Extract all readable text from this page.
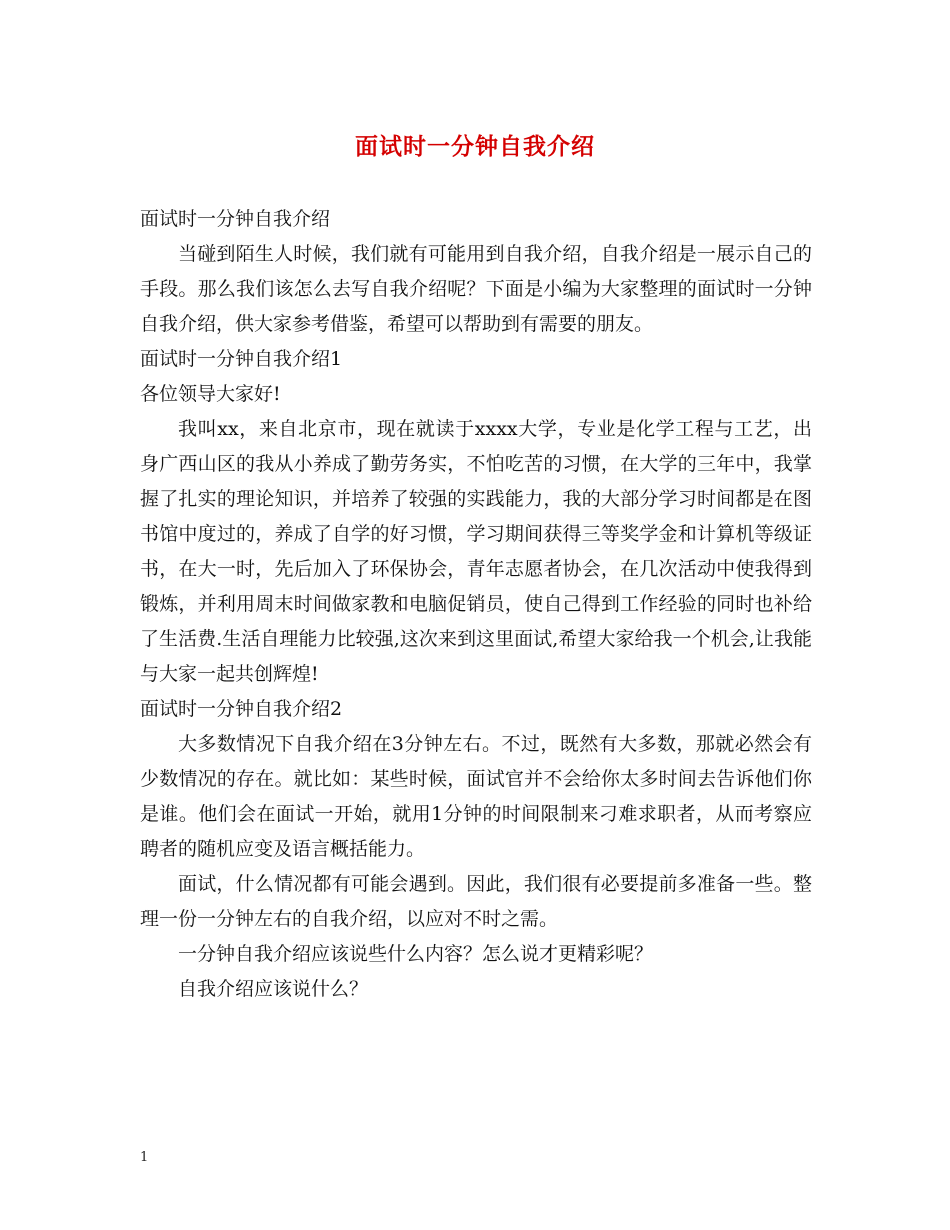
面试时一分钟自我介绍

面试时一分钟自我介绍

当碰到陌生人时候，我们就有可能用到自我介绍，自我介绍是一展示自己的手段。那么我们该怎么去写自我介绍呢？下面是小编为大家整理的面试时一分钟自我介绍，供大家参考借鉴，希望可以帮助到有需要的朋友。

面试时一分钟自我介绍1

各位领导大家好!

我叫xx，来自北京市，现在就读于xxxx大学，专业是化学工程与工艺，出身广西山区的我从小养成了勤劳务实，不怕吃苦的习惯，在大学的三年中，我掌握了扎实的理论知识，并培养了较强的实践能力，我的大部分学习时间都是在图书馆中度过的，养成了自学的好习惯，学习期间获得三等奖学金和计算机等级证书，在大一时，先后加入了环保协会，青年志愿者协会，在几次活动中使我得到锻炼，并利用周末时间做家教和电脑促销员，使自己得到工作经验的同时也补给了生活费.生活自理能力比较强,这次来到这里面试,希望大家给我一个机会,让我能与大家一起共创辉煌!

面试时一分钟自我介绍2

大多数情况下自我介绍在3分钟左右。不过，既然有大多数，那就必然会有少数情况的存在。就比如：某些时候，面试官并不会给你太多时间去告诉他们你是谁。他们会在面试一开始，就用1分钟的时间限制来刁难求职者，从而考察应聘者的随机应变及语言概括能力。

面试，什么情况都有可能会遇到。因此，我们很有必要提前多准备一些。整理一份一分钟左右的自我介绍，以应对不时之需。

一分钟自我介绍应该说些什么内容？怎么说才更精彩呢？

自我介绍应该说什么？

1
